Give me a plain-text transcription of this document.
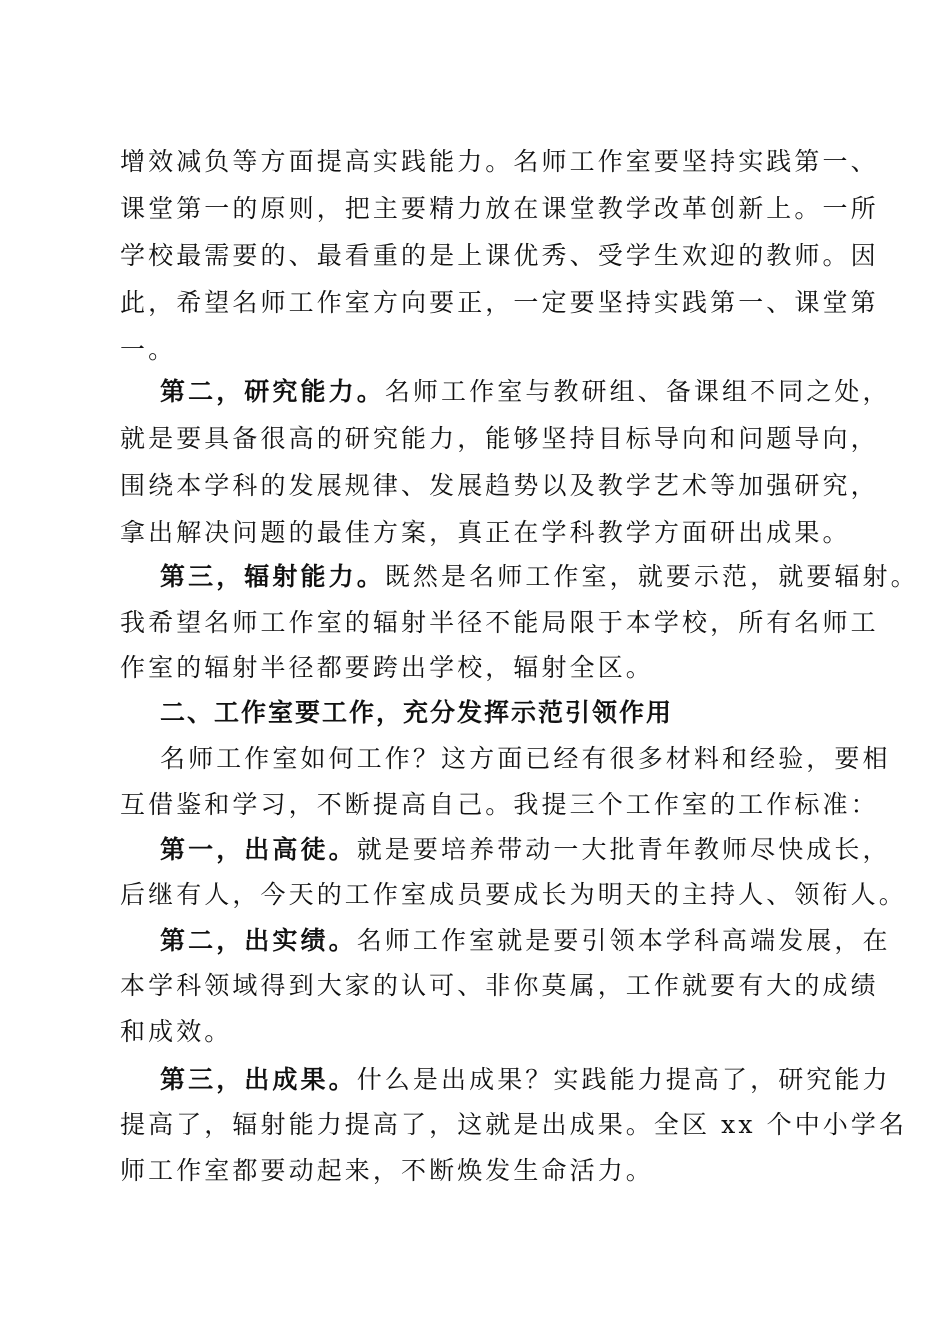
增效减负等方面提高实践能力。名师工作室要坚持实践第一、
课堂第一的原则，把主要精力放在课堂教学改革创新上。一所
学校最需要的、最看重的是上课优秀、受学生欢迎的教师。因
此，希望名师工作室方向要正，一定要坚持实践第一、课堂第
一。
第二，研究能力。名师工作室与教研组、备课组不同之处，
就是要具备很高的研究能力，能够坚持目标导向和问题导向，
围绕本学科的发展规律、发展趋势以及教学艺术等加强研究，
拿出解决问题的最佳方案，真正在学科教学方面研出成果。
第三，辐射能力。既然是名师工作室，就要示范，就要辐射。
我希望名师工作室的辐射半径不能局限于本学校，所有名师工
作室的辐射半径都要跨出学校，辐射全区。
二、工作室要工作，充分发挥示范引领作用
名师工作室如何工作？这方面已经有很多材料和经验，要相
互借鉴和学习，不断提高自己。我提三个工作室的工作标准：
第一，出高徒。就是要培养带动一大批青年教师尽快成长，
后继有人，今天的工作室成员要成长为明天的主持人、领衔人。
第二，出实绩。名师工作室就是要引领本学科高端发展，在
本学科领域得到大家的认可、非你莫属，工作就要有大的成绩
和成效。
第三，出成果。什么是出成果？实践能力提高了，研究能力
提高了，辐射能力提高了，这就是出成果。全区 xx 个中小学名
师工作室都要动起来，不断焕发生命活力。
